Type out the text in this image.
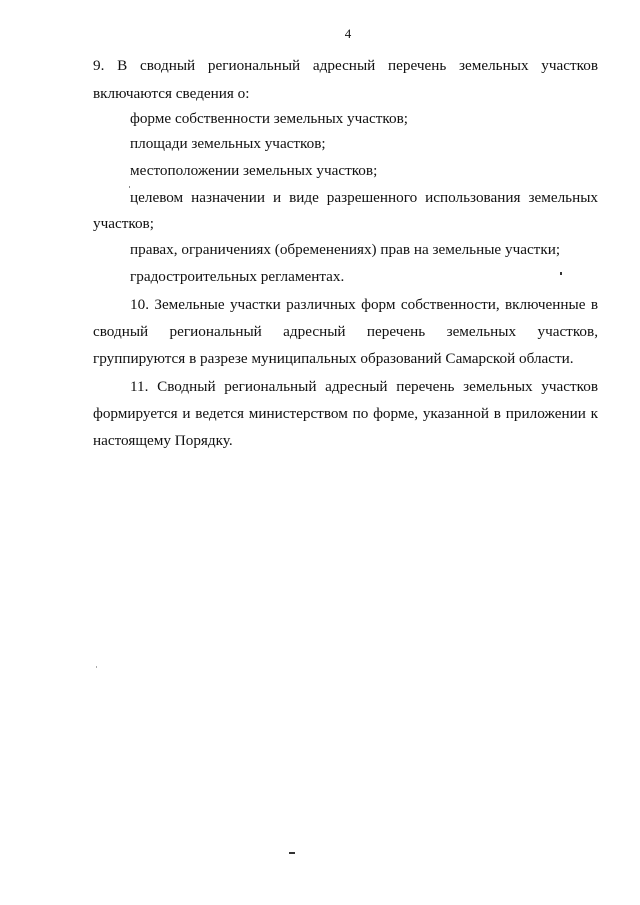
4
9. В сводный региональный адресный перечень земельных участков
включаются сведения о:
форме собственности земельных участков;
площади земельных участков;
местоположении земельных участков;
целевом назначении и виде разрешенного использования земельных
участков;
правах, ограничениях (обременениях) прав на земельные участки;
градостроительных регламентах.
10. Земельные участки различных форм собственности, включенные в
сводный региональный адресный перечень земельных участков,
группируются в разрезе муниципальных образований Самарской области.
11. Сводный региональный адресный перечень земельных участков
формируется и ведется министерством по форме, указанной в приложении к
настоящему Порядку.
